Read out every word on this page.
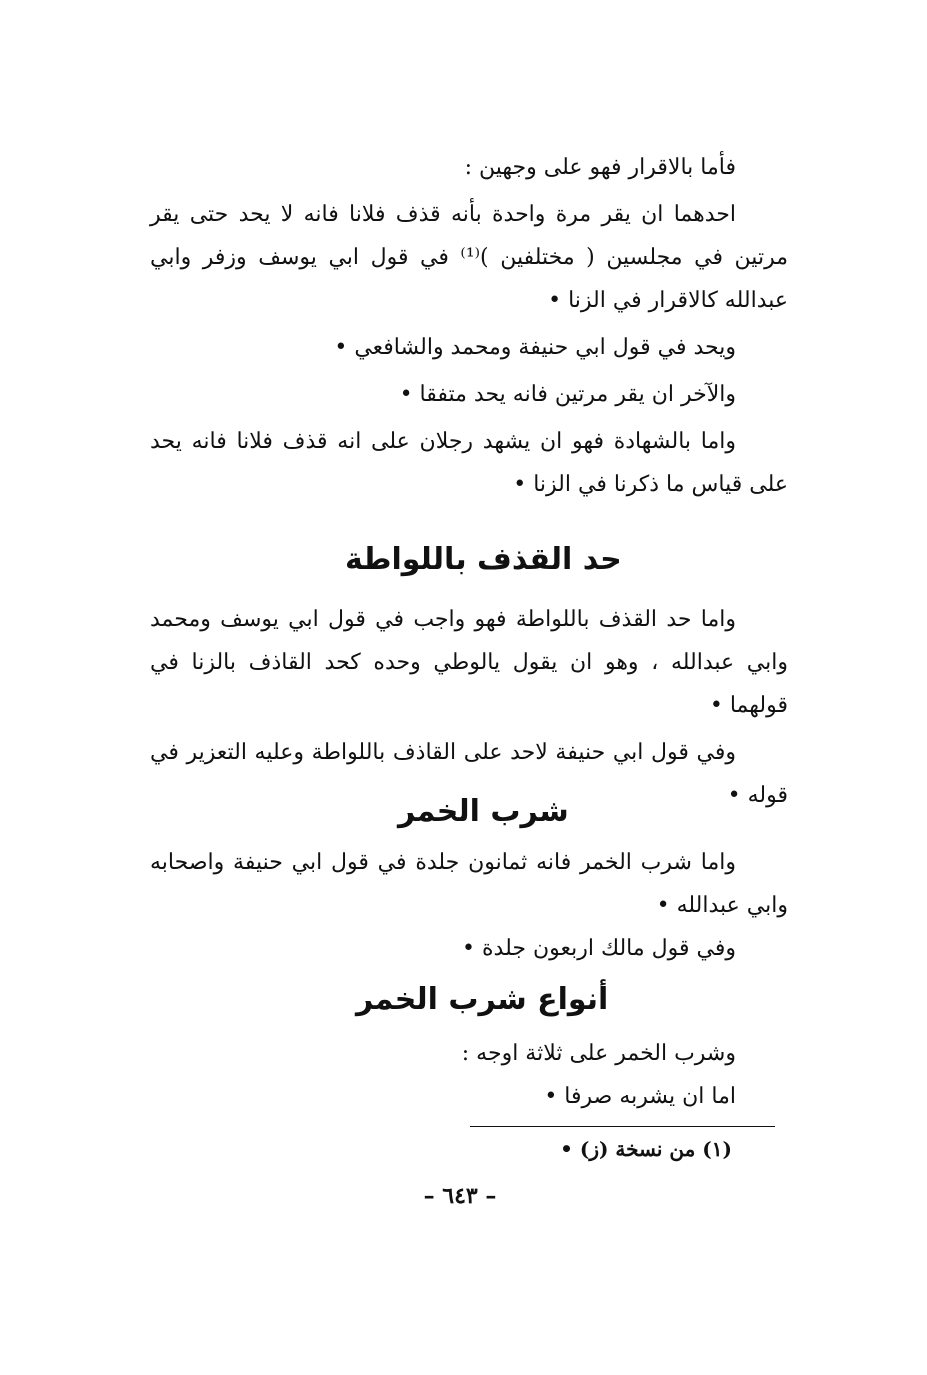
فأما بالاقرار فهو على وجهين :

احدهما ان يقر مرة واحدة بأنه قذف فلانا فانه لا يحد حتى يقر مرتين في مجلسين ( مختلفين )⁽¹⁾ في قول ابي يوسف وزفر وابي عبدالله كالاقرار في الزنا •

ويحد في قول ابي حنيفة ومحمد والشافعي •

والآخر ان يقر مرتين فانه يحد متفقا •

واما بالشهادة فهو ان يشهد رجلان على انه قذف فلانا فانه يحد على قياس ما ذكرنا في الزنا •

حد القذف باللواطة

واما حد القذف باللواطة فهو واجب في قول ابي يوسف ومحمد وابي عبدالله ، وهو ان يقول يالوطي وحده كحد القاذف بالزنا في قولهما •

وفي قول ابي حنيفة لاحد على القاذف باللواطة وعليه التعزير في قوله •

شرب الخمر

واما شرب الخمر فانه ثمانون جلدة في قول ابي حنيفة واصحابه وابي عبدالله •

وفي قول مالك اربعون جلدة •

أنواع شرب الخمر

وشرب الخمر على ثلاثة اوجه :

اما ان يشربه صرفا •

(١) من نسخة (ز) •
– ٦٤٣ –
